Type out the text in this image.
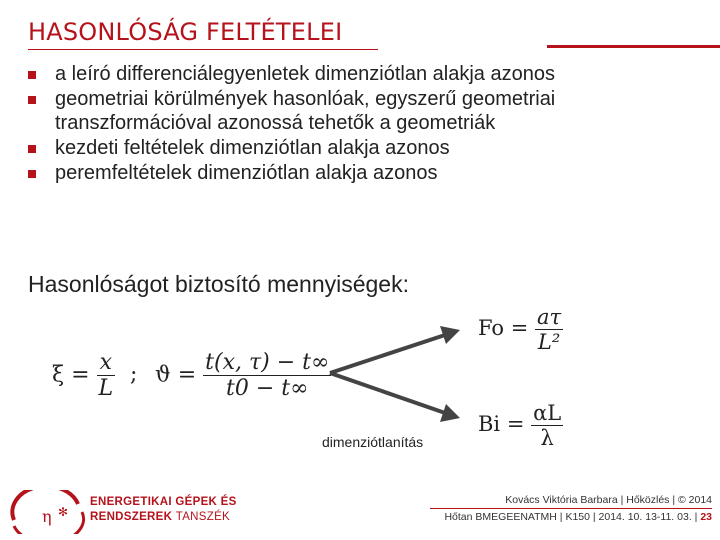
HASONLÓSÁG FELTÉTELEI
a leíró differenciálegyenletek dimenziótlan alakja azonos
geometriai körülmények hasonlóak, egyszerű geometriai transzformációval azonossá tehetők a geometriák
kezdeti feltételek dimenziótlan alakja azonos
peremfeltételek dimenziótlan alakja azonos
Hasonlóságot biztosító mennyiségek:
$\xi = \frac{x}{L}$ ; $ϑ = \frac{t(x, \tau) - t\infty}{t0 - t\infty}$
$Fo = \frac{a\tau}{\text{L²}}$
$Bi = \frac{\alpha L}{\lambda}$
dimenziótlanítás
η ✻
ENERGETIKAI GÉPEK ÉS
RENDSZEREK TANSZÉK
Kovács Viktória Barbara | Hőközlés | © 2014
Hőtan BMEGEENATMH | K150 | 2014. 10. 13-11. 03. | 23
